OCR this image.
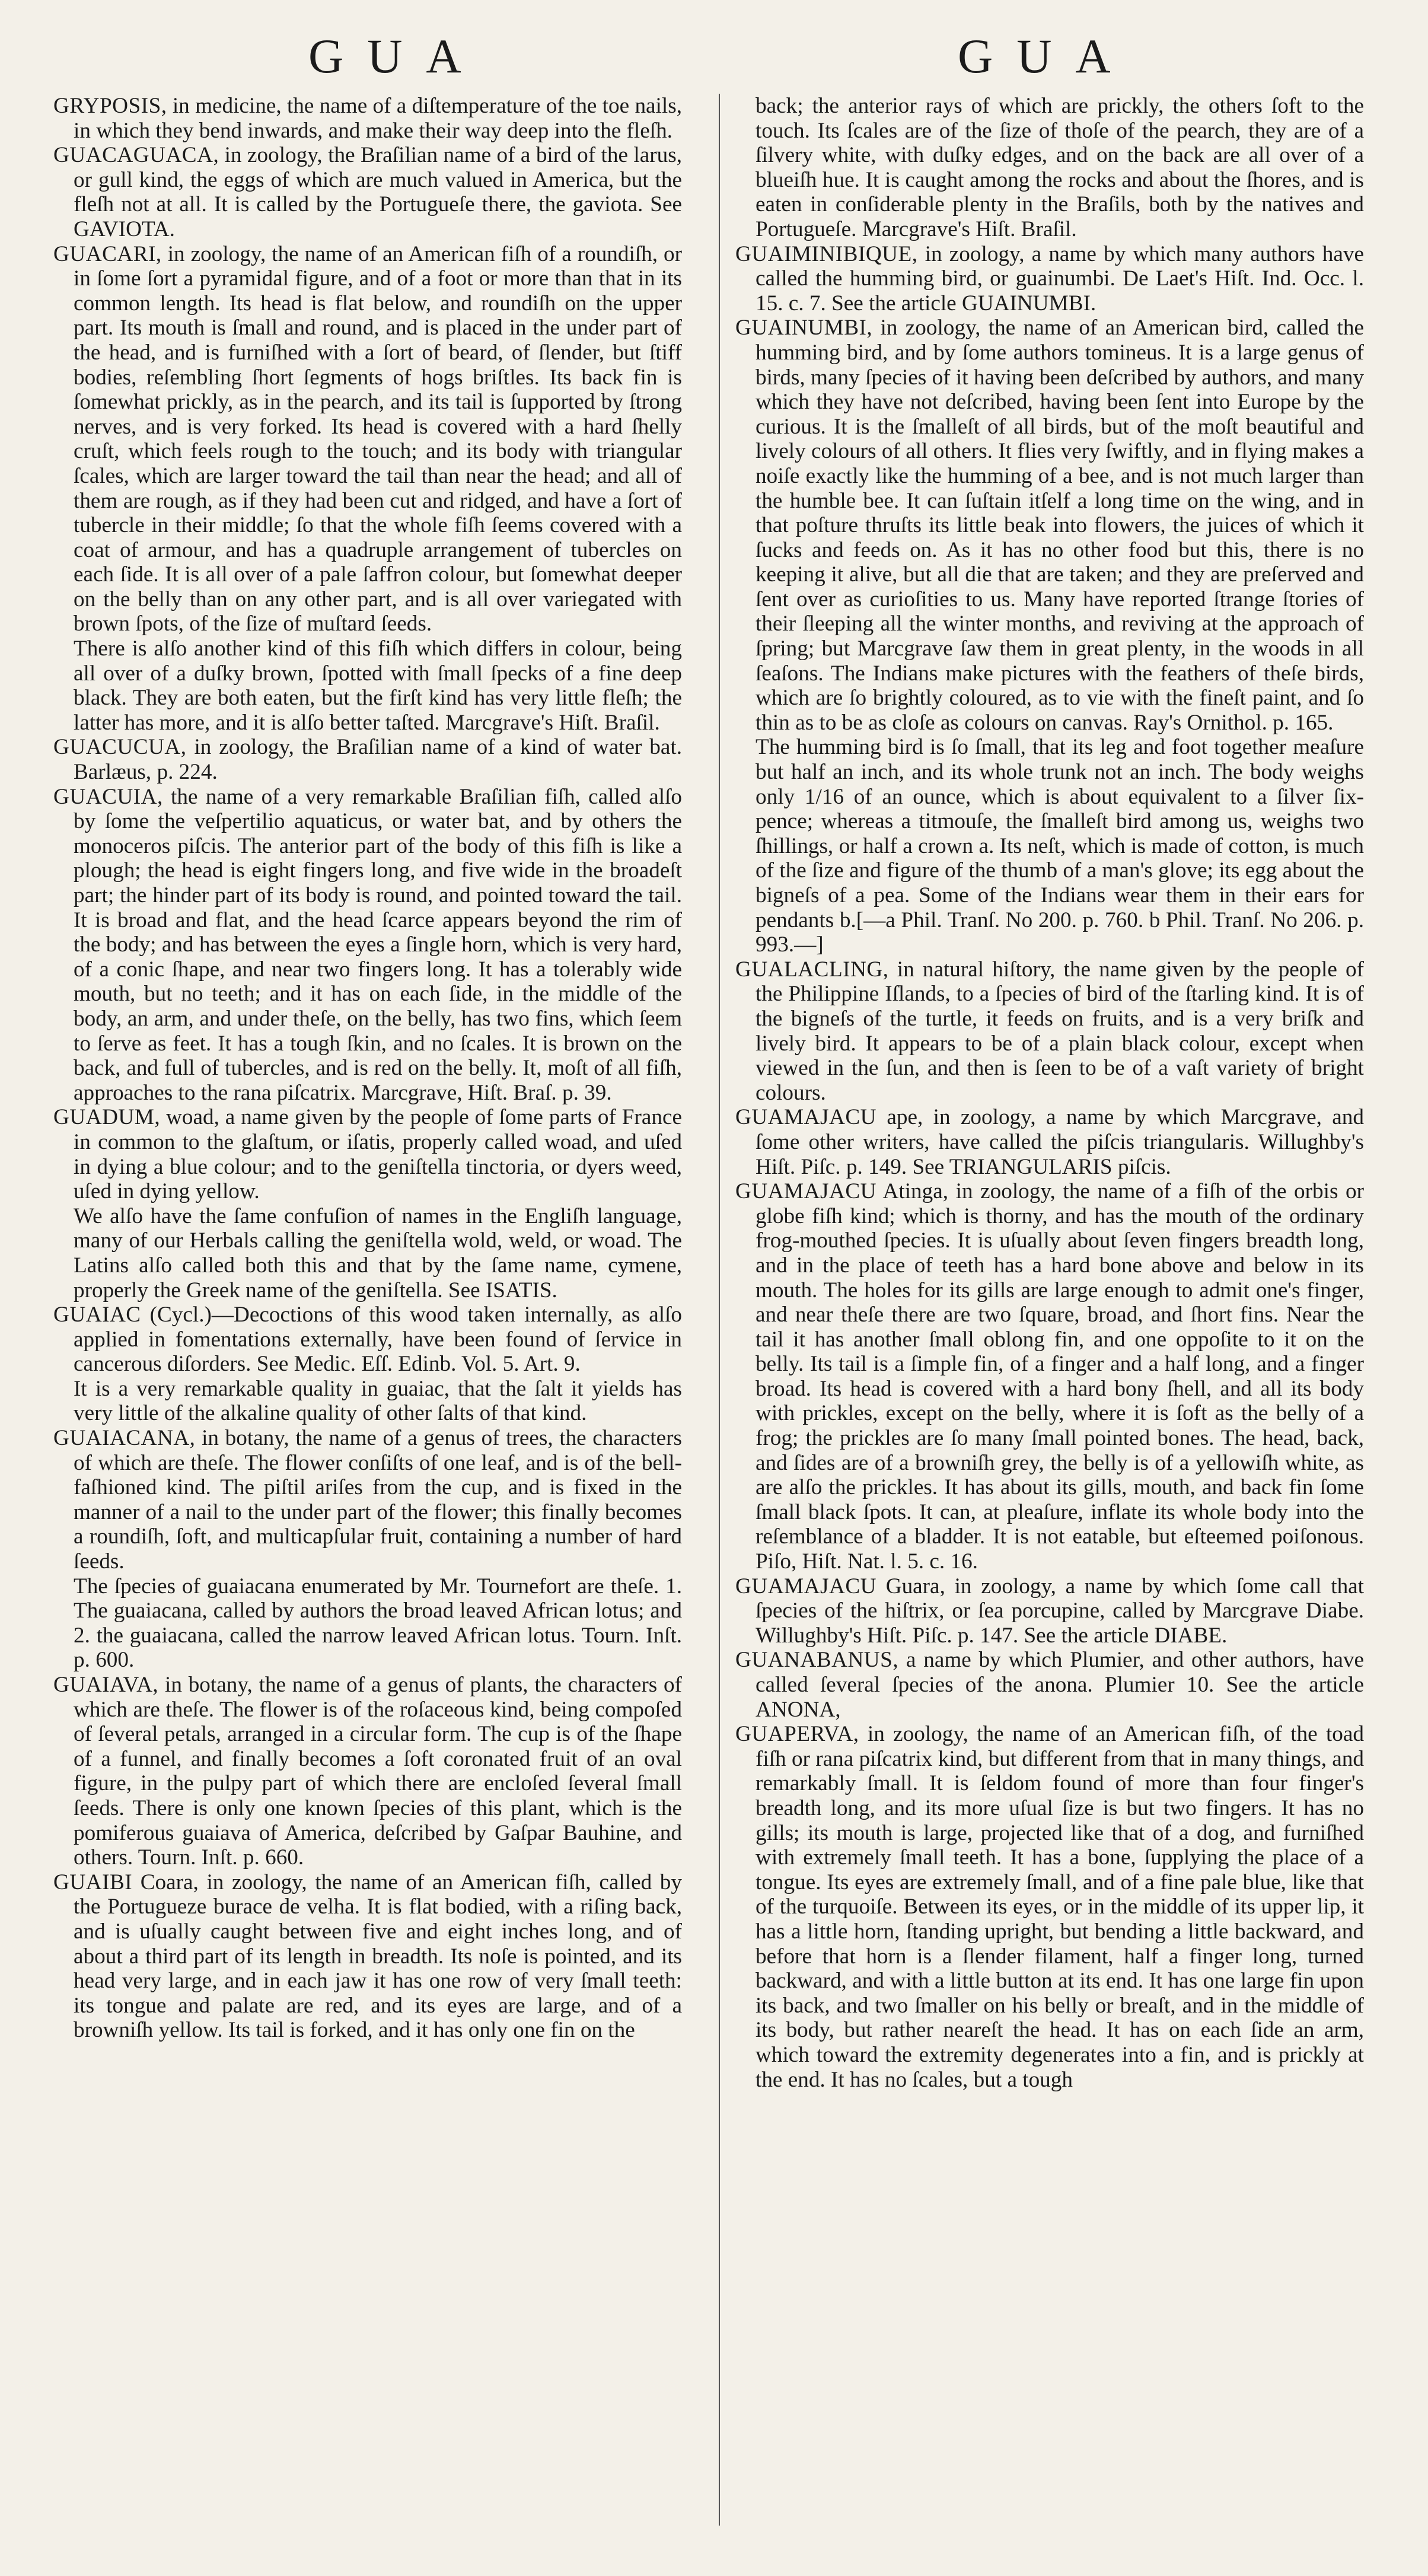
GUA	GUA

GRYPOSIS, in medicine, the name of a diſtemperature of the toe nails, in which they bend inwards, and make their way deep into the fleſh.

GUACAGUACA, in zoology, the Braſilian name of a bird of the larus, or gull kind, the eggs of which are much valued in America, but the fleſh not at all. It is called by the Portugueſe there, the gaviota. See GAVIOTA.

GUACARI, in zoology, the name of an American fiſh of a roundiſh, or in ſome ſort a pyramidal figure, and of a foot or more than that in its common length. Its head is flat below, and roundiſh on the upper part. Its mouth is ſmall and round, and is placed in the under part of the head, and is furniſhed with a ſort of beard, of ſlender, but ſtiff bodies, reſembling ſhort ſegments of hogs briſtles. Its back fin is ſomewhat prickly, as in the pearch, and its tail is ſupported by ſtrong nerves, and is very forked. Its head is covered with a hard ſhelly cruſt, which feels rough to the touch; and its body with triangular ſcales, which are larger toward the tail than near the head; and all of them are rough, as if they had been cut and ridged, and have a ſort of tubercle in their middle; ſo that the whole fiſh ſeems covered with a coat of armour, and has a quadruple arrangement of tubercles on each ſide. It is all over of a pale ſaffron colour, but ſomewhat deeper on the belly than on any other part, and is all over variegated with brown ſpots, of the ſize of muſtard ſeeds.

There is alſo another kind of this fiſh which differs in colour, being all over of a duſky brown, ſpotted with ſmall ſpecks of a fine deep black. They are both eaten, but the firſt kind has very little fleſh; the latter has more, and it is alſo better taſted. Marcgrave's Hiſt. Braſil.

GUACUCUA, in zoology, the Braſilian name of a kind of water bat. Barlæus, p. 224.

GUACUIA, the name of a very remarkable Braſilian fiſh, called alſo by ſome the veſpertilio aquaticus, or water bat, and by others the monoceros piſcis. The anterior part of the body of this fiſh is like a plough; the head is eight fingers long, and five wide in the broadeſt part; the hinder part of its body is round, and pointed toward the tail. It is broad and flat, and the head ſcarce appears beyond the rim of the body; and has between the eyes a ſingle horn, which is very hard, of a conic ſhape, and near two fingers long. It has a tolerably wide mouth, but no teeth; and it has on each ſide, in the middle of the body, an arm, and under theſe, on the belly, has two fins, which ſeem to ſerve as feet. It has a tough ſkin, and no ſcales. It is brown on the back, and full of tubercles, and is red on the belly. It, moſt of all fiſh, approaches to the rana piſcatrix. Marcgrave, Hiſt. Braſ. p. 39.

GUADUM, woad, a name given by the people of ſome parts of France in common to the glaſtum, or iſatis, properly called woad, and uſed in dying a blue colour; and to the geniſtella tinctoria, or dyers weed, uſed in dying yellow.

We alſo have the ſame confuſion of names in the Engliſh language, many of our Herbals calling the geniſtella wold, weld, or woad. The Latins alſo called both this and that by the ſame name, cymene, properly the Greek name of the geniſtella. See ISATIS.

GUAIAC (Cycl.)—Decoctions of this wood taken internally, as alſo applied in fomentations externally, have been found of ſervice in cancerous diſorders. See Medic. Eſſ. Edinb. Vol. 5. Art. 9.

It is a very remarkable quality in guaiac, that the ſalt it yields has very little of the alkaline quality of other ſalts of that kind.

GUAIACANA, in botany, the name of a genus of trees, the characters of which are theſe. The flower conſiſts of one leaf, and is of the bell-faſhioned kind. The piſtil ariſes from the cup, and is fixed in the manner of a nail to the under part of the flower; this finally becomes a roundiſh, ſoft, and multicapſular fruit, containing a number of hard ſeeds.

The ſpecies of guaiacana enumerated by Mr. Tournefort are theſe. 1. The guaiacana, called by authors the broad leaved African lotus; and 2. the guaiacana, called the narrow leaved African lotus. Tourn. Inſt. p. 600.

GUAIAVA, in botany, the name of a genus of plants, the characters of which are theſe. The flower is of the roſaceous kind, being compoſed of ſeveral petals, arranged in a circular form. The cup is of the ſhape of a funnel, and finally becomes a ſoft coronated fruit of an oval figure, in the pulpy part of which there are encloſed ſeveral ſmall ſeeds. There is only one known ſpecies of this plant, which is the pomiferous guaiava of America, deſcribed by Gaſpar Bauhine, and others. Tourn. Inſt. p. 660.

GUAIBI Coara, in zoology, the name of an American fiſh, called by the Portugueze burace de velha. It is flat bodied, with a riſing back, and is uſually caught between five and eight inches long, and of about a third part of its length in breadth. Its noſe is pointed, and its head very large, and in each jaw it has one row of very ſmall teeth: its tongue and palate are red, and its eyes are large, and of a browniſh yellow. Its tail is forked, and it has only one fin on the

back; the anterior rays of which are prickly, the others ſoft to the touch. Its ſcales are of the ſize of thoſe of the pearch, they are of a ſilvery white, with duſky edges, and on the back are all over of a blueiſh hue. It is caught among the rocks and about the ſhores, and is eaten in conſiderable plenty in the Braſils, both by the natives and Portugueſe. Marcgrave's Hiſt. Braſil.

GUAIMINIBIQUE, in zoology, a name by which many authors have called the humming bird, or guainumbi. De Laet's Hiſt. Ind. Occ. l. 15. c. 7. See the article GUAINUMBI.

GUAINUMBI, in zoology, the name of an American bird, called the humming bird, and by ſome authors tomineus. It is a large genus of birds, many ſpecies of it having been deſcribed by authors, and many which they have not deſcribed, having been ſent into Europe by the curious. It is the ſmalleſt of all birds, but of the moſt beautiful and lively colours of all others. It flies very ſwiftly, and in flying makes a noiſe exactly like the humming of a bee, and is not much larger than the humble bee. It can ſuſtain itſelf a long time on the wing, and in that poſture thruſts its little beak into flowers, the juices of which it ſucks and feeds on. As it has no other food but this, there is no keeping it alive, but all die that are taken; and they are preſerved and ſent over as curioſities to us. Many have reported ſtrange ſtories of their ſleeping all the winter months, and reviving at the approach of ſpring; but Marcgrave ſaw them in great plenty, in the woods in all ſeaſons. The Indians make pictures with the feathers of theſe birds, which are ſo brightly coloured, as to vie with the fineſt paint, and ſo thin as to be as cloſe as colours on canvas. Ray's Ornithol. p. 165.

The humming bird is ſo ſmall, that its leg and foot together meaſure but half an inch, and its whole trunk not an inch. The body weighs only 1/16 of an ounce, which is about equivalent to a ſilver ſix-pence; whereas a titmouſe, the ſmalleſt bird among us, weighs two ſhillings, or half a crown a. Its neſt, which is made of cotton, is much of the ſize and figure of the thumb of a man's glove; its egg about the bigneſs of a pea. Some of the Indians wear them in their ears for pendants b.[—a Phil. Tranſ. No 200. p. 760. b Phil. Tranſ. No 206. p. 993.—]

GUALACLING, in natural hiſtory, the name given by the people of the Philippine Iſlands, to a ſpecies of bird of the ſtarling kind. It is of the bigneſs of the turtle, it feeds on fruits, and is a very briſk and lively bird. It appears to be of a plain black colour, except when viewed in the ſun, and then is ſeen to be of a vaſt variety of bright colours.

GUAMAJACU ape, in zoology, a name by which Marcgrave, and ſome other writers, have called the piſcis triangularis. Willughby's Hiſt. Piſc. p. 149. See TRIANGULARIS piſcis.

GUAMAJACU Atinga, in zoology, the name of a fiſh of the orbis or globe fiſh kind; which is thorny, and has the mouth of the ordinary frog-mouthed ſpecies. It is uſually about ſeven fingers breadth long, and in the place of teeth has a hard bone above and below in its mouth. The holes for its gills are large enough to admit one's finger, and near theſe there are two ſquare, broad, and ſhort fins. Near the tail it has another ſmall oblong fin, and one oppoſite to it on the belly. Its tail is a ſimple fin, of a finger and a half long, and a finger broad. Its head is covered with a hard bony ſhell, and all its body with prickles, except on the belly, where it is ſoft as the belly of a frog; the prickles are ſo many ſmall pointed bones. The head, back, and ſides are of a browniſh grey, the belly is of a yellowiſh white, as are alſo the prickles. It has about its gills, mouth, and back fin ſome ſmall black ſpots. It can, at pleaſure, inflate its whole body into the reſemblance of a bladder. It is not eatable, but eſteemed poiſonous. Piſo, Hiſt. Nat. l. 5. c. 16.

GUAMAJACU Guara, in zoology, a name by which ſome call that ſpecies of the hiſtrix, or ſea porcupine, called by Marcgrave Diabe. Willughby's Hiſt. Piſc. p. 147. See the article DIABE.

GUANABANUS, a name by which Plumier, and other authors, have called ſeveral ſpecies of the anona. Plumier 10. See the article ANONA,

GUAPERVA, in zoology, the name of an American fiſh, of the toad fiſh or rana piſcatrix kind, but different from that in many things, and remarkably ſmall. It is ſeldom found of more than four finger's breadth long, and its more uſual ſize is but two fingers. It has no gills; its mouth is large, projected like that of a dog, and furniſhed with extremely ſmall teeth. It has a bone, ſupplying the place of a tongue. Its eyes are extremely ſmall, and of a fine pale blue, like that of the turquoiſe. Between its eyes, or in the middle of its upper lip, it has a little horn, ſtanding upright, but bending a little backward, and before that horn is a ſlender filament, half a finger long, turned backward, and with a little button at its end. It has one large fin upon its back, and two ſmaller on his belly or breaſt, and in the middle of its body, but rather neareſt the head. It has on each ſide an arm, which toward the extremity degenerates into a fin, and is prickly at the end. It has no ſcales, but a tough
